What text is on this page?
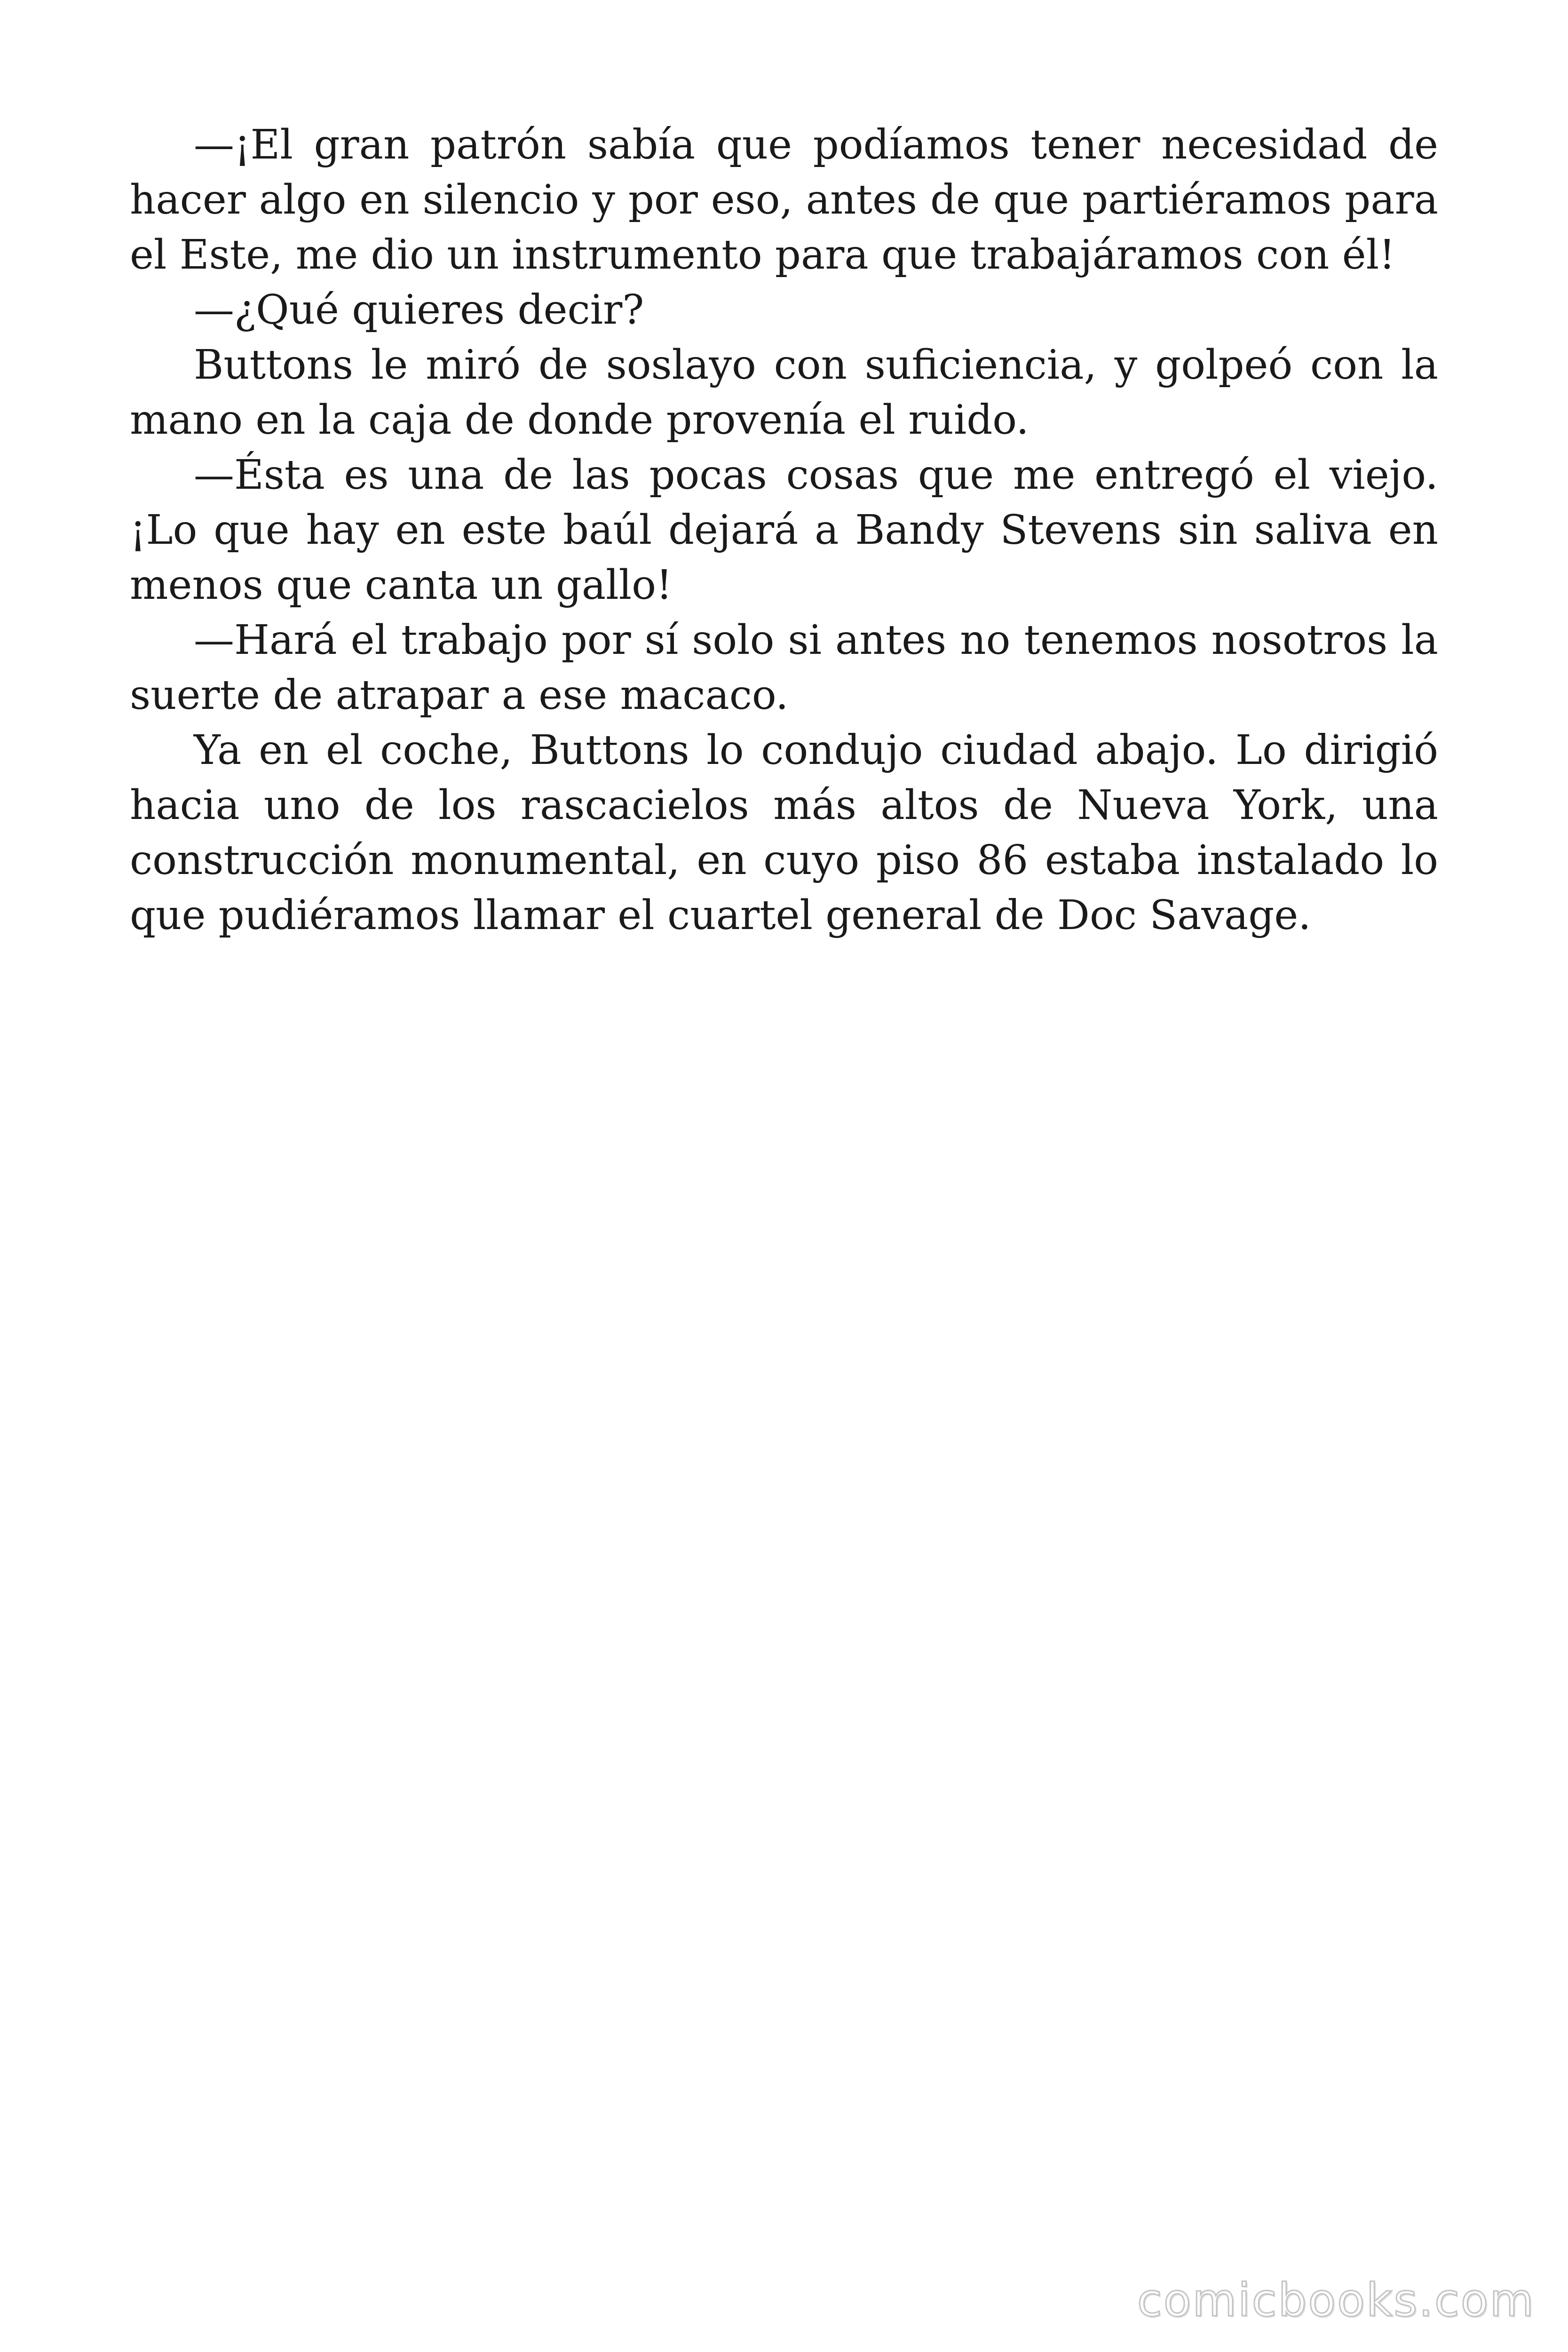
—¡El gran patrón sabía que podíamos tener necesidad de hacer algo en silencio y por eso, antes de que partiéramos para el Este, me dio un instrumento para que trabajáramos con él!

—¿Qué quieres decir?

Buttons le miró de soslayo con suficiencia, y golpeó con la mano en la caja de donde provenía el ruido.

—Ésta es una de las pocas cosas que me entregó el viejo. ¡Lo que hay en este baúl dejará a Bandy Stevens sin saliva en menos que canta un gallo!

—Hará el trabajo por sí solo si antes no tenemos nosotros la suerte de atrapar a ese macaco.

Ya en el coche, Buttons lo condujo ciudad abajo. Lo dirigió hacia uno de los rascacielos más altos de Nueva York, una construcción monumental, en cuyo piso 86 estaba instalado lo que pudiéramos llamar el cuartel general de Doc Savage.

comicbooks.com
